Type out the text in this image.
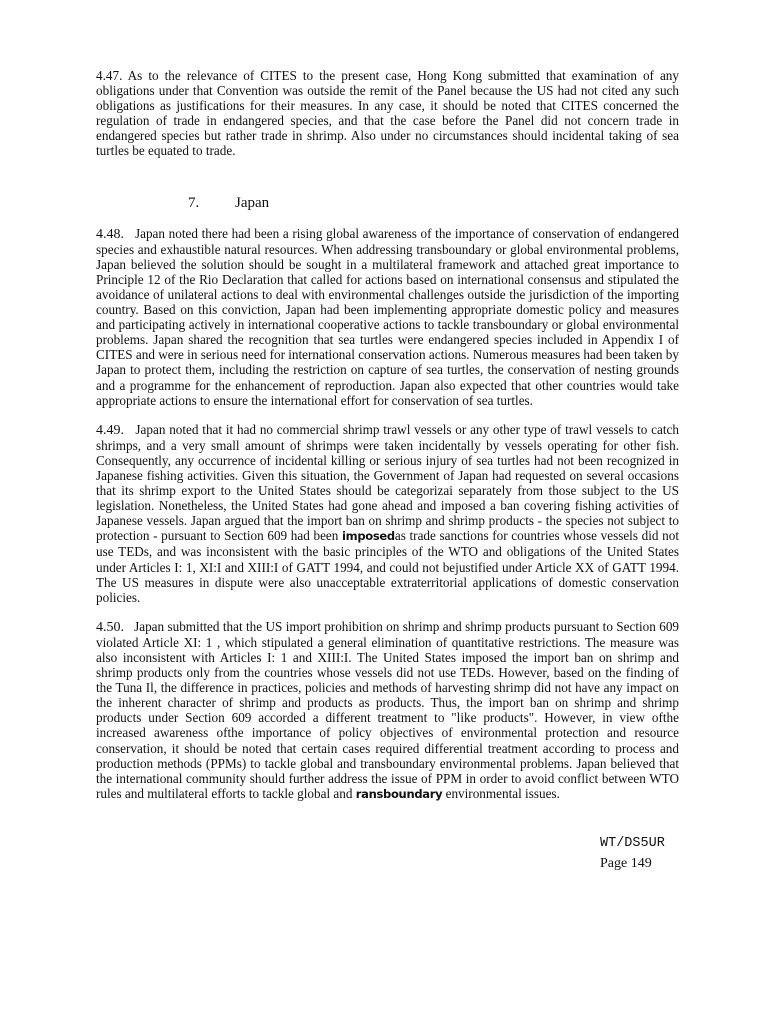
4.47. As to the relevance of CITES to the present case, Hong Kong submitted that examination of any obligations under that Convention was outside the remit of the Panel because the US had not cited any such obligations as justifications for their measures. In any case, it should be noted that CITES concerned the regulation of trade in endangered species, and that the case before the Panel did not concern trade in endangered species but rather trade in shrimp. Also under no circumstances should incidental taking of sea turtles be equated to trade.

7. Japan

4.48. Japan noted there had been a rising global awareness of the importance of conservation of endangered species and exhaustible natural resources. When addressing transboundary or global environmental problems, Japan believed the solution should be sought in a multilateral framework and attached great importance to Principle 12 of the Rio Declaration that called for actions based on international consensus and stipulated the avoidance of unilateral actions to deal with environmental challenges outside the jurisdiction of the importing country. Based on this conviction, Japan had been implementing appropriate domestic policy and measures and participating actively in international cooperative actions to tackle transboundary or global environmental problems. Japan shared the recognition that sea turtles were endangered species included in Appendix I of CITES and were in serious need for international conservation actions. Numerous measures had been taken by Japan to protect them, including the restriction on capture of sea turtles, the conservation of nesting grounds and a programme for the enhancement of reproduction. Japan also expected that other countries would take appropriate actions to ensure the international effort for conservation of sea turtles.

4.49. Japan noted that it had no commercial shrimp trawl vessels or any other type of trawl vessels to catch shrimps, and a very small amount of shrimps were taken incidentally by vessels operating for other fish. Consequently, any occurrence of incidental killing or serious injury of sea turtles had not been recognized in Japanese fishing activities. Given this situation, the Government of Japan had requested on several occasions that its shrimp export to the United States should be categorizai separately from those subject to the US legislation. Nonetheless, the United States had gone ahead and imposed a ban covering fishing activities of Japanese vessels. Japan argued that the import ban on shrimp and shrimp products - the species not subject to protection - pursuant to Section 609 had been imposedas trade sanctions for countries whose vessels did not use TEDs, and was inconsistent with the basic principles of the WTO and obligations of the United States under Articles I: 1, XI:I and XIII:I of GATT 1994, and could not bejustified under Article XX of GATT 1994. The US measures in dispute were also unacceptable extraterritorial applications of domestic conservation policies.

4.50. Japan submitted that the US import prohibition on shrimp and shrimp products pursuant to Section 609 violated Article XI: 1 , which stipulated a general elimination of quantitative restrictions. The measure was also inconsistent with Articles I: 1 and XIII:I. The United States imposed the import ban on shrimp and shrimp products only from the countries whose vessels did not use TEDs. However, based on the finding of the Tuna Il, the difference in practices, policies and methods of harvesting shrimp did not have any impact on the inherent character of shrimp and products as products. Thus, the import ban on shrimp and shrimp products under Section 609 accorded a different treatment to "like products". However, in view ofthe increased awareness ofthe importance of policy objectives of environmental protection and resource conservation, it should be noted that certain cases required differential treatment according to process and production methods (PPMs) to tackle global and transboundary environmental problems. Japan believed that the international community should further address the issue of PPM in order to avoid conflict between WTO rules and multilateral efforts to tackle global and ransboundary environmental issues.

WT/DS5UR
Page 149
